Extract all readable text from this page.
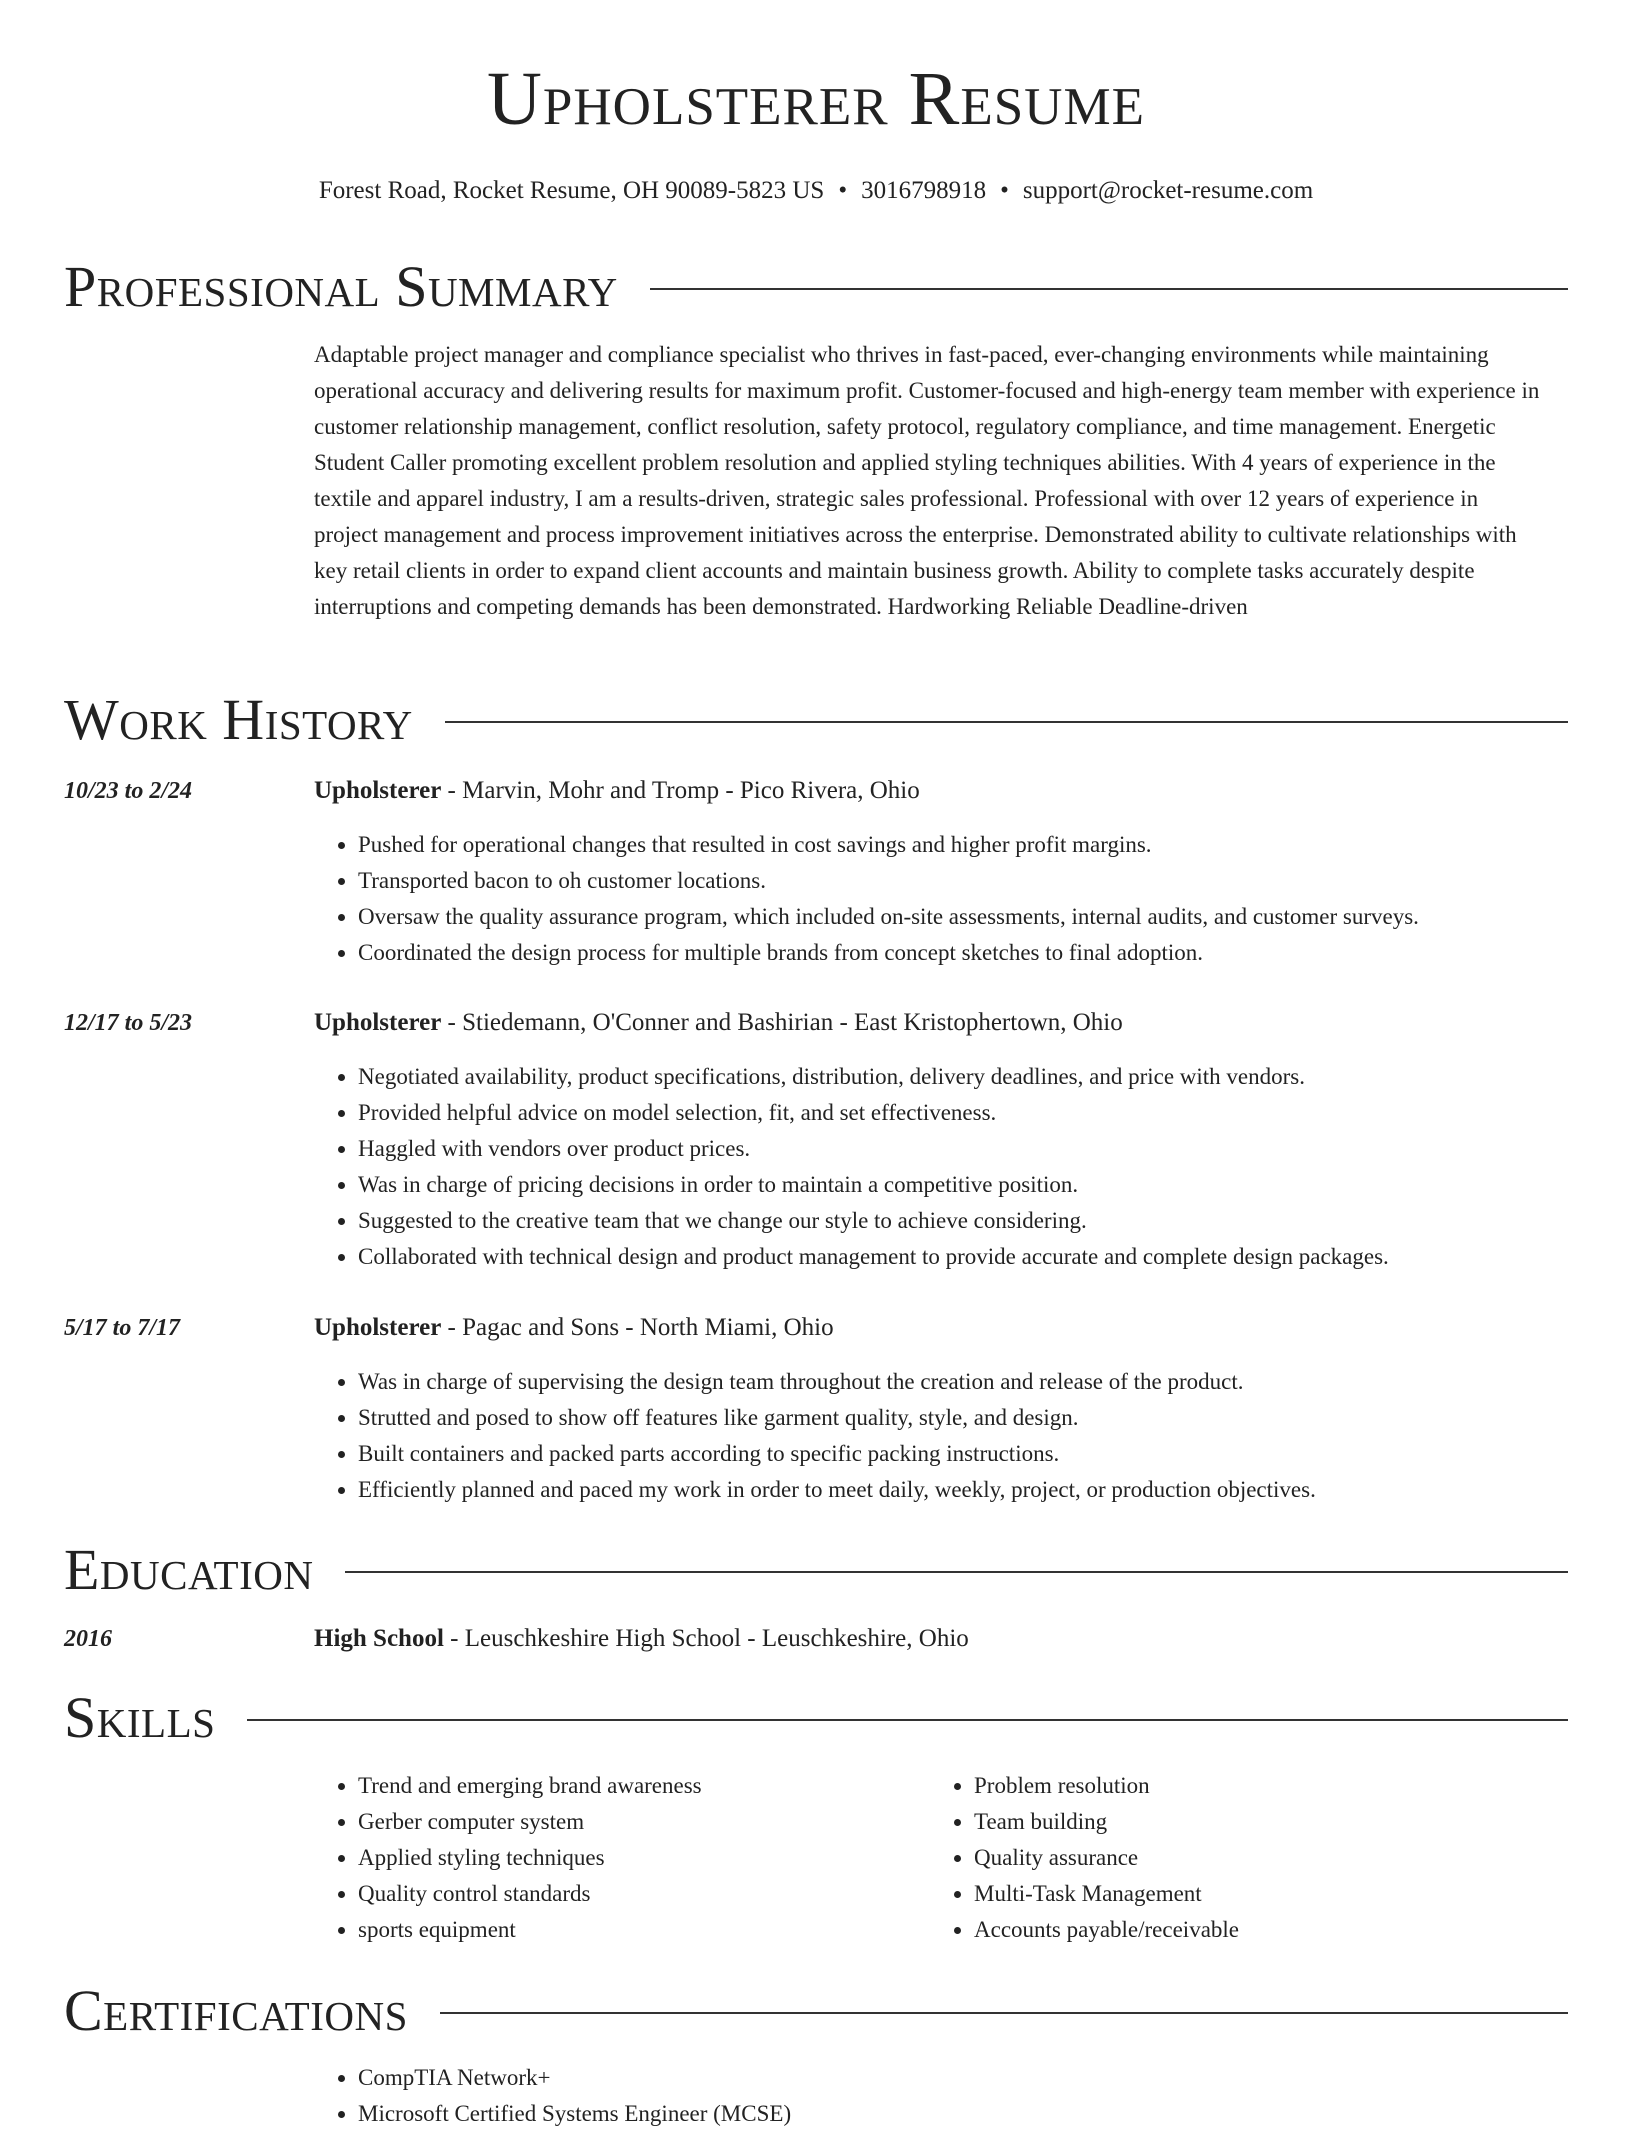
Upholsterer Resume
Forest Road, Rocket Resume, OH 90089-5823 US • 3016798918 • support@rocket-resume.com
Professional Summary

Adaptable project manager and compliance specialist who thrives in fast-paced, ever-changing environments while maintaining operational accuracy and delivering results for maximum profit. Customer-focused and high-energy team member with experience in customer relationship management, conflict resolution, safety protocol, regulatory compliance, and time management. Energetic Student Caller promoting excellent problem resolution and applied styling techniques abilities. With 4 years of experience in the textile and apparel industry, I am a results-driven, strategic sales professional. Professional with over 12 years of experience in project management and process improvement initiatives across the enterprise. Demonstrated ability to cultivate relationships with key retail clients in order to expand client accounts and maintain business growth. Ability to complete tasks accurately despite interruptions and competing demands has been demonstrated. Hardworking Reliable Deadline-driven

Work History
10/23 to 2/24	Upholsterer - Marvin, Mohr and Tromp - Pico Rivera, Ohio
• Pushed for operational changes that resulted in cost savings and higher profit margins.
• Transported bacon to oh customer locations.
• Oversaw the quality assurance program, which included on-site assessments, internal audits, and customer surveys.
• Coordinated the design process for multiple brands from concept sketches to final adoption.
12/17 to 5/23	Upholsterer - Stiedemann, O'Conner and Bashirian - East Kristophertown, Ohio
• Negotiated availability, product specifications, distribution, delivery deadlines, and price with vendors.
• Provided helpful advice on model selection, fit, and set effectiveness.
• Haggled with vendors over product prices.
• Was in charge of pricing decisions in order to maintain a competitive position.
• Suggested to the creative team that we change our style to achieve considering.
• Collaborated with technical design and product management to provide accurate and complete design packages.
5/17 to 7/17	Upholsterer - Pagac and Sons - North Miami, Ohio
• Was in charge of supervising the design team throughout the creation and release of the product.
• Strutted and posed to show off features like garment quality, style, and design.
• Built containers and packed parts according to specific packing instructions.
• Efficiently planned and paced my work in order to meet daily, weekly, project, or production objectives.
Education
2016	High School - Leuschkeshire High School - Leuschkeshire, Ohio
Skills
• Trend and emerging brand awareness
• Gerber computer system
• Applied styling techniques
• Quality control standards
• sports equipment
• Problem resolution
• Team building
• Quality assurance
• Multi-Task Management
• Accounts payable/receivable
Certifications
• CompTIA Network+
• Microsoft Certified Systems Engineer (MCSE)
